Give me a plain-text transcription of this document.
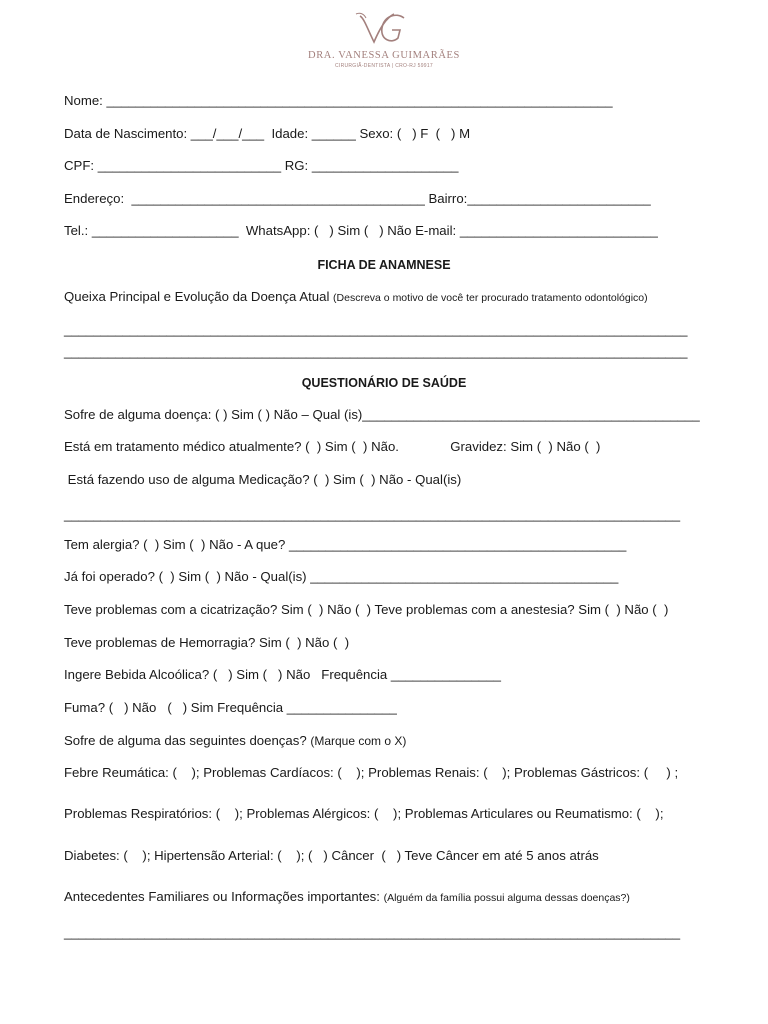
DRA. VANESSA GUIMARÃES
CIRURGIÃ-DENTISTA | CRO-RJ 59917
Nome: _____________________________________________________________________
Data de Nascimento: ___/___/___  Idade: ______ Sexo: (   ) F  (   ) M
CPF: _________________________ RG: ____________________
Endereço:  ________________________________________ Bairro:_________________________
Tel.: ____________________  WhatsApp: (   ) Sim (   ) Não E-mail: ___________________________
FICHA DE ANAMNESE
Queixa Principal e Evolução da Doença Atual (Descreva o motivo de você ter procurado tratamento odontológico)
_____________________________________________________________________________________
_____________________________________________________________________________________
QUESTIONÁRIO DE SAÚDE
Sofre de alguma doença: ( ) Sim ( ) Não – Qual (is)______________________________________________
Está em tratamento médico atualmente? (  ) Sim (  ) Não.              Gravidez: Sim (  ) Não (  )
Está fazendo uso de alguma Medicação? (  ) Sim (  ) Não - Qual(is)
____________________________________________________________________________________
Tem alergia? (  ) Sim (  ) Não - A que? ______________________________________________
Já foi operado? (  ) Sim (  ) Não - Qual(is) __________________________________________
Teve problemas com a cicatrização? Sim (  ) Não (  ) Teve problemas com a anestesia? Sim (  ) Não (  )
Teve problemas de Hemorragia? Sim (  ) Não (  )
Ingere Bebida Alcoólica? (   ) Sim (   ) Não   Frequência _______________
Fuma? (   ) Não   (   ) Sim Frequência _______________
Sofre de alguma das seguintes doenças? (Marque com o X)
Febre Reumática: (    ); Problemas Cardíacos: (    ); Problemas Renais: (    ); Problemas Gástricos: (     ) ;
Problemas Respiratórios: (    ); Problemas Alérgicos: (    ); Problemas Articulares ou Reumatismo: (    );
Diabetes: (    ); Hipertensão Arterial: (    ); (   ) Câncer  (   ) Teve Câncer em até 5 anos atrás
Antecedentes Familiares ou Informações importantes: (Alguém da família possui alguma dessas doenças?)
____________________________________________________________________________________
